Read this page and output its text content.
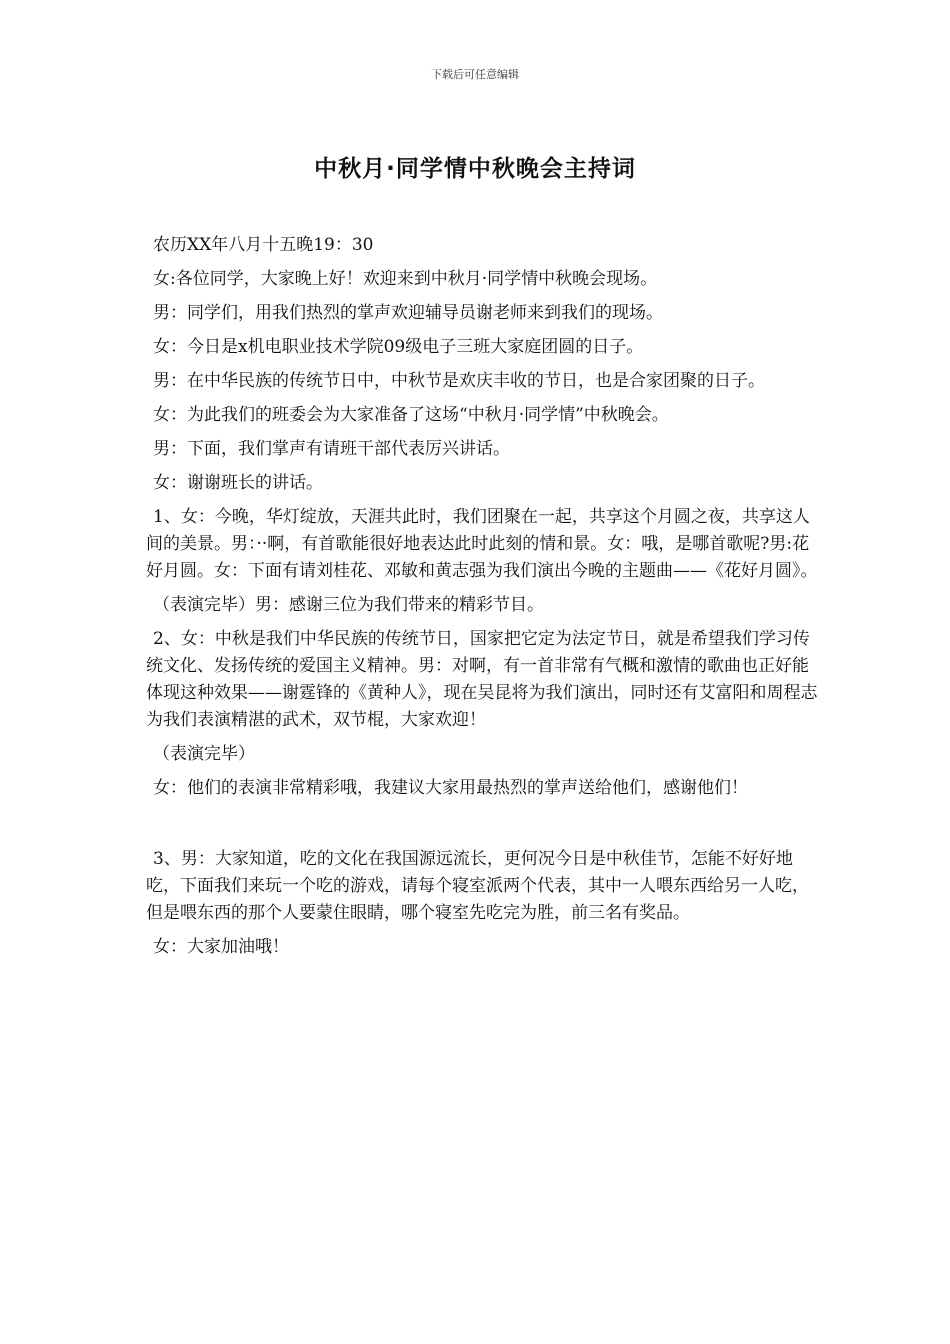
下载后可任意编辑
中秋月·同学情中秋晚会主持词

农历XX年八月十五晚19：30

女:各位同学，大家晚上好！欢迎来到中秋月·同学情中秋晚会现场。

男：同学们，用我们热烈的掌声欢迎辅导员谢老师来到我们的现场。

女：今日是x机电职业技术学院09级电子三班大家庭团圆的日子。

男：在中华民族的传统节日中，中秋节是欢庆丰收的节日，也是合家团聚的日子。

女：为此我们的班委会为大家准备了这场“中秋月·同学情”中秋晚会。

男：下面，我们掌声有请班干部代表厉兴讲话。

女：谢谢班长的讲话。

1、女：今晚，华灯绽放，天涯共此时，我们团聚在一起，共享这个月圆之夜，共享这人间的美景。男：··啊，有首歌能很好地表达此时此刻的情和景。女：哦，是哪首歌呢?男:花好月圆。女：下面有请刘桂花、邓敏和黄志强为我们演出今晚的主题曲——《花好月圆》。

（表演完毕）男：感谢三位为我们带来的精彩节目。

2、女：中秋是我们中华民族的传统节日，国家把它定为法定节日，就是希望我们学习传统文化、发扬传统的爱国主义精神。男：对啊，有一首非常有气概和激情的歌曲也正好能体现这种效果——谢霆锋的《黄种人》，现在吴昆将为我们演出，同时还有艾富阳和周程志为我们表演精湛的武术，双节棍，大家欢迎！

（表演完毕）

女：他们的表演非常精彩哦，我建议大家用最热烈的掌声送给他们，感谢他们！

3、男：大家知道，吃的文化在我国源远流长，更何况今日是中秋佳节，怎能不好好地吃，下面我们来玩一个吃的游戏，请每个寝室派两个代表，其中一人喂东西给另一人吃，但是喂东西的那个人要蒙住眼睛，哪个寝室先吃完为胜，前三名有奖品。

女：大家加油哦！
